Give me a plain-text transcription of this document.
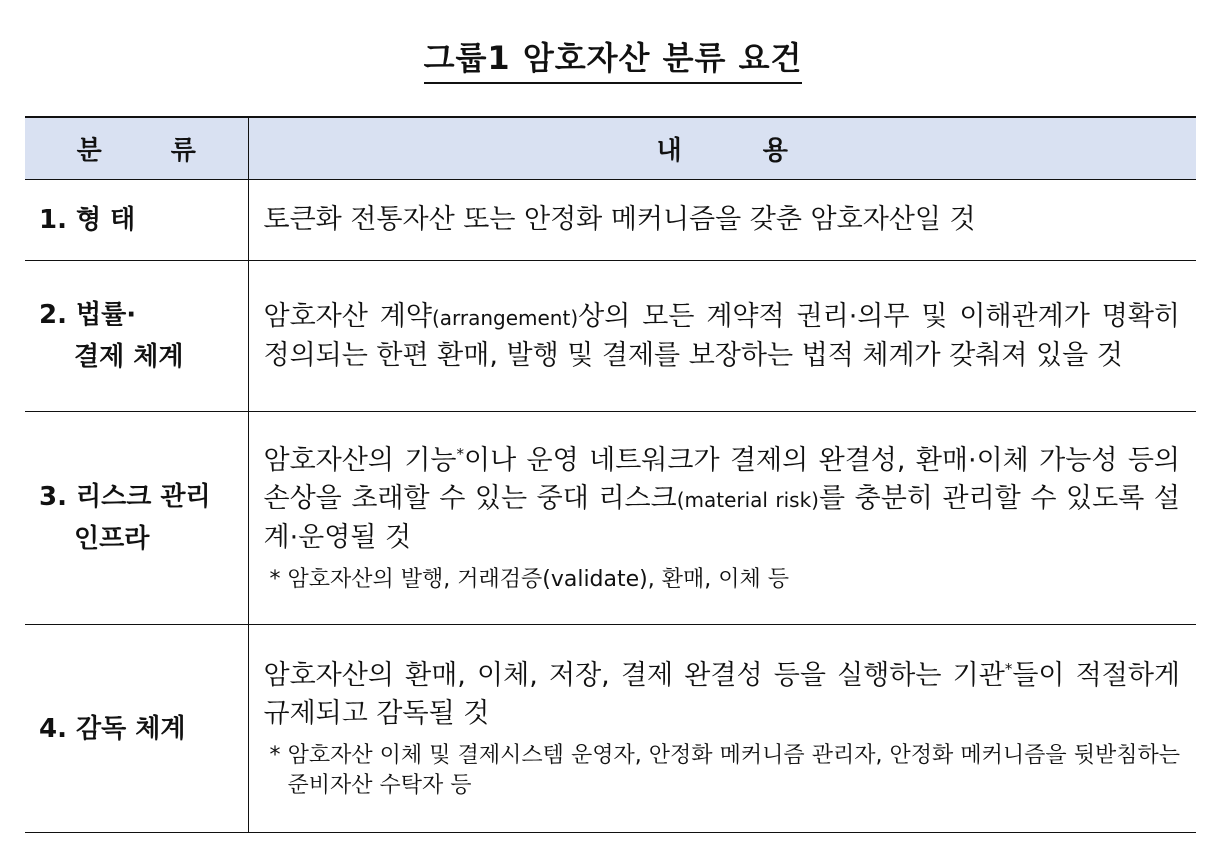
그룹1 암호자산 분류 요건
분 류	내 용
1. 형 태	토큰화 전통자산 또는 안정화 메커니즘을 갖춘 암호자산일 것

2. 법률·
결제 체계	암호자산 계약(arrangement)상의 모든 계약적 권리·의무 및 이해관계가 명확히 정의되는 한편 환매, 발행 및 결제를 보장하는 법적 체계가 갖춰져 있을 것

3. 리스크 관리
인프라	암호자산의 기능*이나 운영 네트워크가 결제의 완결성, 환매·이체 가능성 등의 손상을 초래할 수 있는 중대 리스크(material risk)를 충분히 관리할 수 있도록 설계·운영될 것

* 암호자산의 발행, 거래검증(validate), 환매, 이체 등

4. 감독 체계	암호자산의 환매, 이체, 저장, 결제 완결성 등을 실행하는 기관*들이 적절하게 규제되고 감독될 것

* 암호자산 이체 및 결제시스템 운영자, 안정화 메커니즘 관리자, 안정화 메커니즘을 뒷받침하는 준비자산 수탁자 등
